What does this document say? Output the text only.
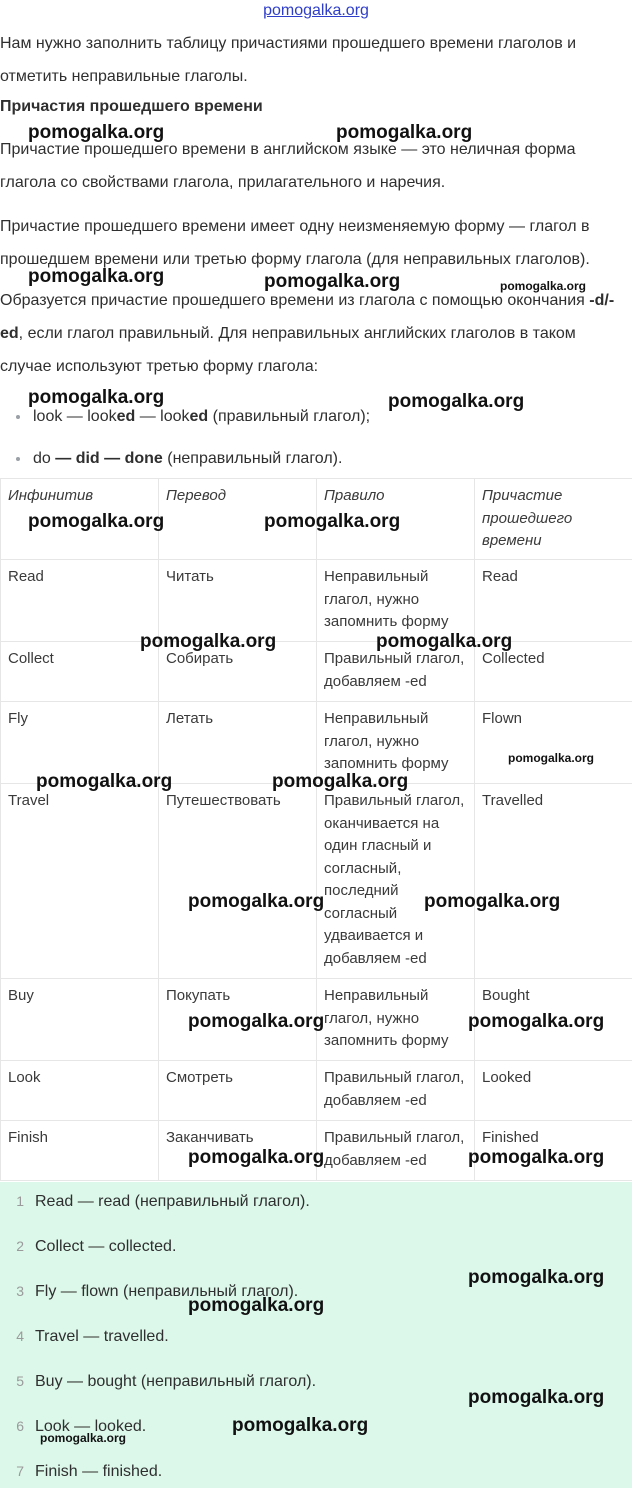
pomogalka.org

Нам нужно заполнить таблицу причастиями прошедшего времени глаголов и отметить неправильные глаголы.

Причастия прошедшего времени

Причастие прошедшего времени в английском языке — это неличная форма глагола со свойствами глагола, прилагательного и наречия.

Причастие прошедшего времени имеет одну неизменяемую форму — глагол в прошедшем времени или третью форму глагола (для неправильных глаголов).

Образуется причастие прошедшего времени из глагола с помощью окончания -d/-ed, если глагол правильный. Для неправильных английских глаголов в таком случае используют третью форму глагола:

look — looked — looked (правильный глагол);
do — did — done (неправильный глагол).
Инфинитив	Перевод	Правило	Причастие прошедшего времени
Read	Читать	Неправильный глагол, нужно запомнить форму	Read
Collect	Собирать	Правильный глагол, добавляем -ed	Collected
Fly	Летать	Неправильный глагол, нужно запомнить форму	Flown
Travel	Путешествовать	Правильный глагол, оканчивается на один гласный и согласный, последний согласный удваивается и добавляем -ed	Travelled
Buy	Покупать	Неправильный глагол, нужно запомнить форму	Bought
Look	Смотреть	Правильный глагол, добавляем -ed	Looked
Finish	Заканчивать	Правильный глагол, добавляем -ed	Finished
1 Read — read (неправильный глагол).
2 Collect — collected.
3 Fly — flown (неправильный глагол).
4 Travel — travelled.
5 Buy — bought (неправильный глагол).
6 Look — looked.
7 Finish — finished.
pomogalka.org	pomogalka.org
pomogalka.org	pomogalka.org	pomogalka.org
pomogalka.org	pomogalka.org
pomogalka.org	pomogalka.org
pomogalka.org	pomogalka.org
pomogalka.org
pomogalka.org	pomogalka.org
pomogalka.org	pomogalka.org
pomogalka.org	pomogalka.org
pomogalka.org	pomogalka.org
pomogalka.org
pomogalka.org
pomogalka.org
pomogalka.org
pomogalka.org
